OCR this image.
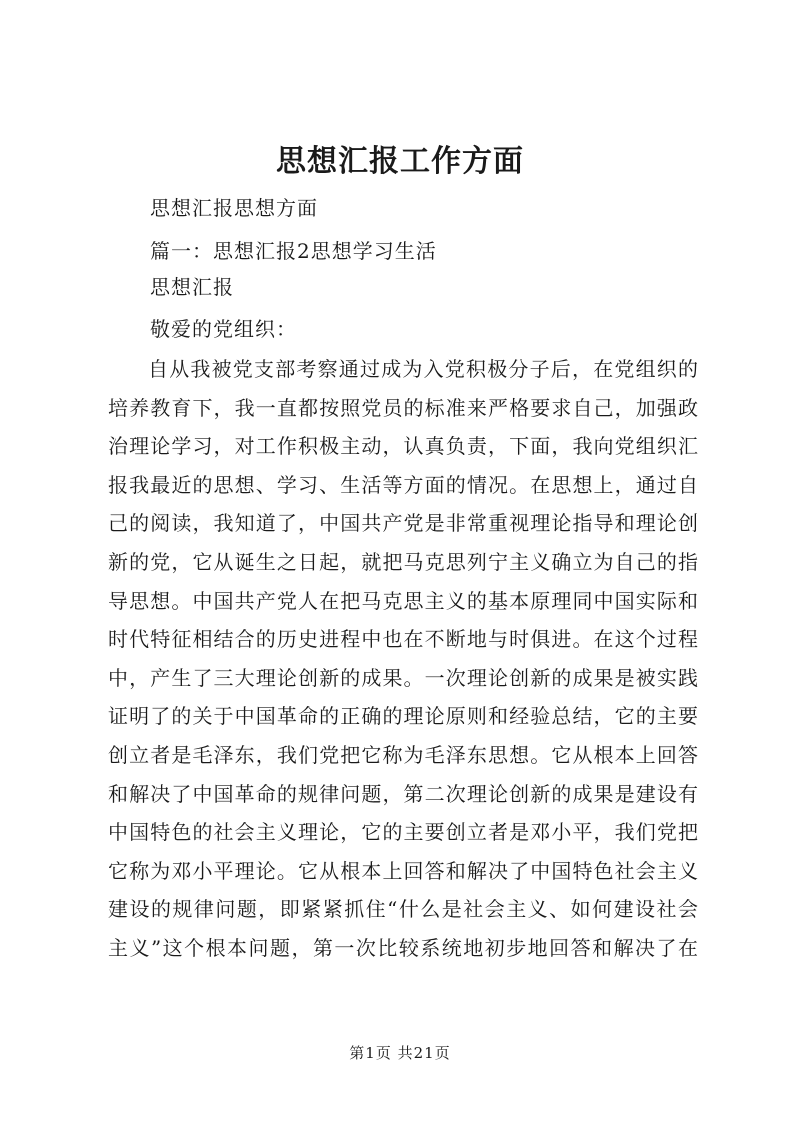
思想汇报工作方面
思想汇报思想方面
篇一：思想汇报2思想学习生活
思想汇报
敬爱的党组织：
自从我被党支部考察通过成为入党积极分子后，在党组织的
培养教育下，我一直都按照党员的标准来严格要求自己，加强政
治理论学习，对工作积极主动，认真负责，下面，我向党组织汇
报我最近的思想、学习、生活等方面的情况。在思想上，通过自
己的阅读，我知道了，中国共产党是非常重视理论指导和理论创
新的党，它从诞生之日起，就把马克思列宁主义确立为自己的指
导思想。中国共产党人在把马克思主义的基本原理同中国实际和
时代特征相结合的历史进程中也在不断地与时俱进。在这个过程
中，产生了三大理论创新的成果。一次理论创新的成果是被实践
证明了的关于中国革命的正确的理论原则和经验总结，它的主要
创立者是毛泽东，我们党把它称为毛泽东思想。它从根本上回答
和解决了中国革命的规律问题，第二次理论创新的成果是建设有
中国特色的社会主义理论，它的主要创立者是邓小平，我们党把
它称为邓小平理论。它从根本上回答和解决了中国特色社会主义
建设的规律问题，即紧紧抓住“什么是社会主义、如何建设社会
主义”这个根本问题，第一次比较系统地初步地回答和解决了在
第1页 共21页
